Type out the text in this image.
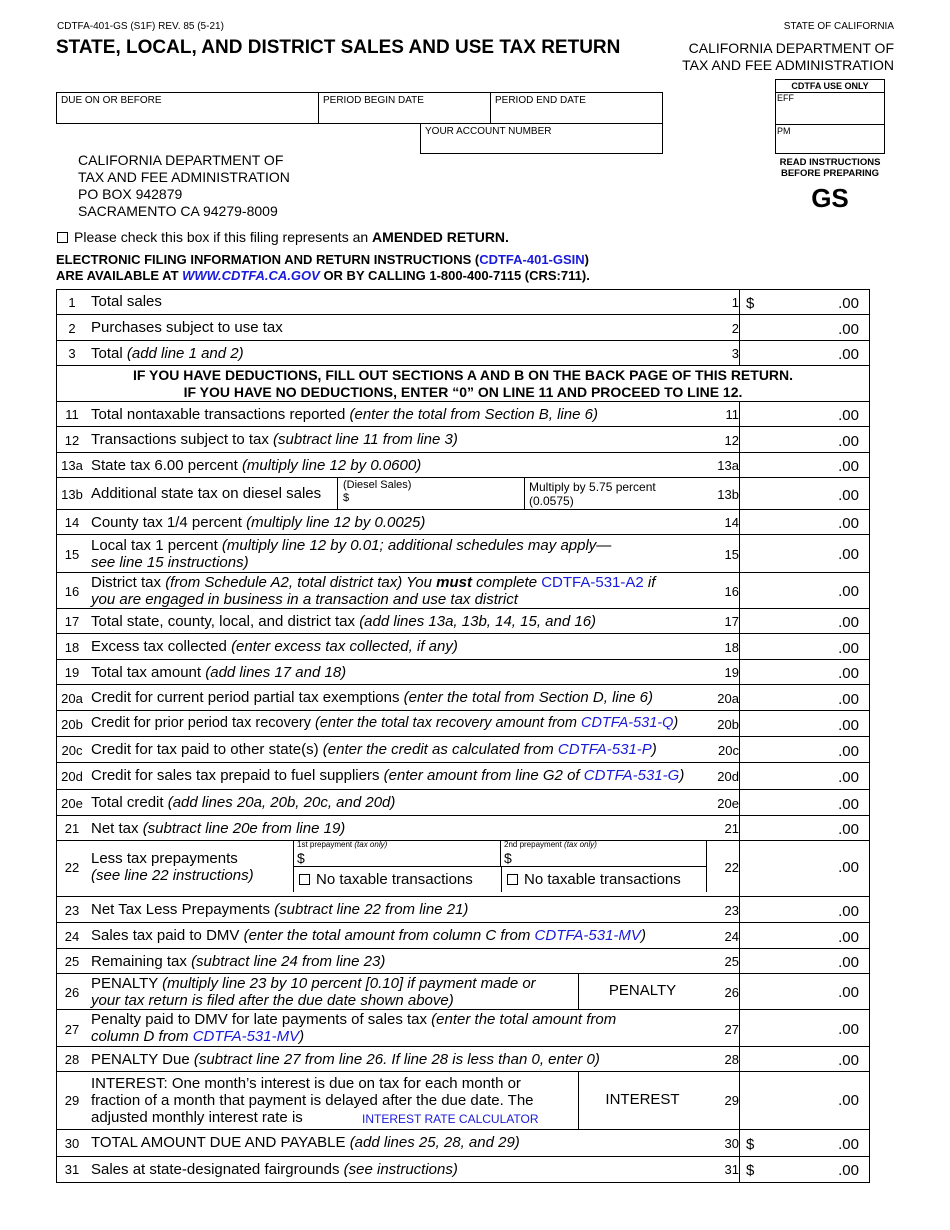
CDTFA-401-GS (S1F) REV. 85 (5-21)	STATE OF CALIFORNIA
STATE, LOCAL, AND DISTRICT SALES AND USE TAX RETURN	CALIFORNIA DEPARTMENT OF
TAX AND FEE ADMINISTRATION
DUE ON OR BEFORE	PERIOD BEGIN DATE	PERIOD END DATE
YOUR ACCOUNT NUMBER
CDTFA USE ONLY
EFF
PM
READ INSTRUCTIONS
BEFORE PREPARING
GS
CALIFORNIA DEPARTMENT OF
TAX AND FEE ADMINISTRATION
PO BOX 942879
SACRAMENTO CA 94279-8009
Please check this box if this filing represents an AMENDED RETURN.
ELECTRONIC FILING INFORMATION AND RETURN INSTRUCTIONS (CDTFA-401-GSIN)
ARE AVAILABLE AT WWW.CDTFA.CA.GOV OR BY CALLING 1-800-400-7115 (CRS:711).
1	Total sales	1 $	.00
2	Purchases subject to use tax	2	.00
3	Total (add line 1 and 2)	3	.00
IF YOU HAVE DEDUCTIONS, FILL OUT SECTIONS A AND B ON THE BACK PAGE OF THIS RETURN.
IF YOU HAVE NO DEDUCTIONS, ENTER “0” ON LINE 11 AND PROCEED TO LINE 12.
11 Total nontaxable transactions reported (enter the total from Section B, line 6)	11	.00
12 Transactions subject to tax (subtract line 11 from line 3)	12	.00
13a State tax 6.00 percent (multiply line 12 by 0.0600)	13a	.00
13b Additional state tax on diesel sales (Diesel Sales)
$
Multiply by 5.75 percent
(0.0575)	13b	.00
14 County tax 1/4 percent (multiply line 12 by 0.0025)	14	.00
15
Local tax 1 percent (multiply line 12 by 0.01; additional schedules may apply—
see line 15 instructions)	15	.00
16
District tax (from Schedule A2, total district tax) You must complete CDTFA-531-A2 if
you are engaged in business in a transaction and use tax district	16	.00
17 Total state, county, local, and district tax (add lines 13a, 13b, 14, 15, and 16)	17	.00
18 Excess tax collected (enter excess tax collected, if any)	18	.00
19 Total tax amount (add lines 17 and 18)	19	.00
20a Credit for current period partial tax exemptions (enter the total from Section D, line 6)	20a	.00
20b Credit for prior period tax recovery (enter the total tax recovery amount from CDTFA-531-Q)	20b	.00
20c Credit for tax paid to other state(s) (enter the credit as calculated from CDTFA-531-P)	20c	.00
20d Credit for sales tax prepaid to fuel suppliers (enter amount from line G2 of CDTFA-531-G)	20d	.00
20e Total credit (add lines 20a, 20b, 20c, and 20d)	20e	.00
21 Net tax (subtract line 20e from line 19)	21	.00
22
Less tax prepayments
(see line 22 instructions)
1st prepayment (tax only)
$
2nd prepayment (tax only)
$
No taxable transactions	No taxable transactions
22	.00
23 Net Tax Less Prepayments (subtract line 22 from line 21)	23	.00
24 Sales tax paid to DMV (enter the total amount from column C from CDTFA-531-MV)	24	.00
25 Remaining tax (subtract line 24 from line 23)	25	.00
26
PENALTY (multiply line 23 by 10 percent [0.10] if payment made or
your tax return is filed after the due date shown above)
PENALTY	26	.00
27
Penalty paid to DMV for late payments of sales tax (enter the total amount from
column D from CDTFA-531-MV)	27	.00
28 PENALTY Due (subtract line 27 from line 26. If line 28 is less than 0, enter 0)	28	.00
29
INTEREST: One month’s interest is due on tax for each month or
fraction of a month that payment is delayed after the due date. The
adjusted monthly interest rate is	INTEREST RATE CALCULATOR
INTEREST	29	.00
30 TOTAL AMOUNT DUE AND PAYABLE (add lines 25, 28, and 29)	30 $	.00
31 Sales at state-designated fairgrounds (see instructions)	31 $	.00
